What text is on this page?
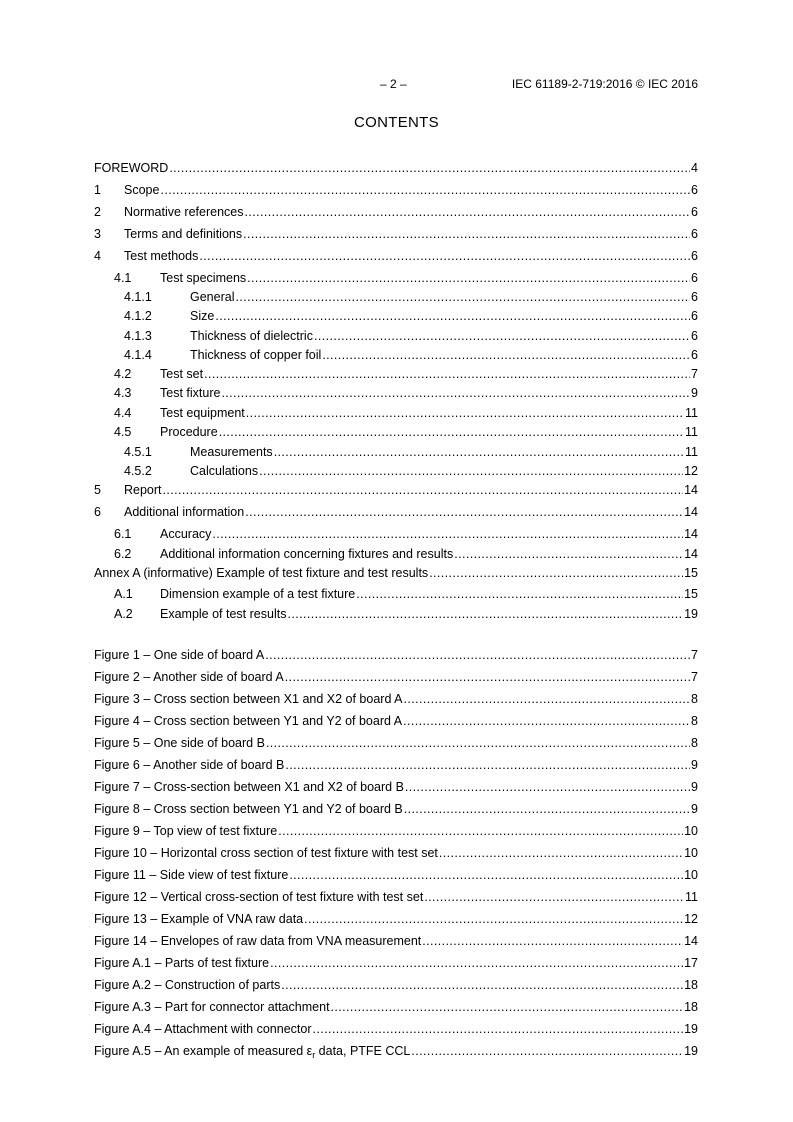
– 2 –	IEC 61189-2-719:2016 © IEC 2016
CONTENTS
FOREWORD .....	4
1	Scope .....	6
2	Normative references .....	6
3	Terms and definitions .....	6
4	Test methods .....	6
4.1	Test specimens .....	6
4.1.1	General .....	6
4.1.2	Size .....	6
4.1.3	Thickness of dielectric .....	6
4.1.4	Thickness of copper foil .....	6
4.2	Test set .....	7
4.3	Test fixture .....	9
4.4	Test equipment .....	11
4.5	Procedure .....	11
4.5.1	Measurements .....	11
4.5.2	Calculations .....	12
5	Report .....	14
6	Additional information .....	14
6.1	Accuracy .....	14
6.2	Additional information concerning fixtures and results .....	14
Annex A (informative) Example of test fixture and test results .....	15
A.1	Dimension example of a test fixture .....	15
A.2	Example of test results .....	19
Figure 1 – One side of board A .....	7
Figure 2 – Another side of board A .....	7
Figure 3 – Cross section between X1 and X2 of board A .....	8
Figure 4 – Cross section between Y1 and Y2 of board A .....	8
Figure 5 – One side of board B .....	8
Figure 6 – Another side of board B .....	9
Figure 7 – Cross-section between X1 and X2 of board B .....	9
Figure 8 – Cross section between Y1 and Y2 of board B .....	9
Figure 9 – Top view of test fixture .....	10
Figure 10 – Horizontal cross section of test fixture with test set .....	10
Figure 11 – Side view of test fixture .....	10
Figure 12 – Vertical cross-section of test fixture with test set .....	11
Figure 13 – Example of VNA raw data .....	12
Figure 14 – Envelopes of raw data from VNA measurement .....	14
Figure A.1 – Parts of test fixture .....	17
Figure A.2 – Construction of parts .....	18
Figure A.3 – Part for connector attachment .....	18
Figure A.4 – Attachment with connector .....	19
Figure A.5 – An example of measured $\varepsilon_r$ data, PTFE CCL .....	19
